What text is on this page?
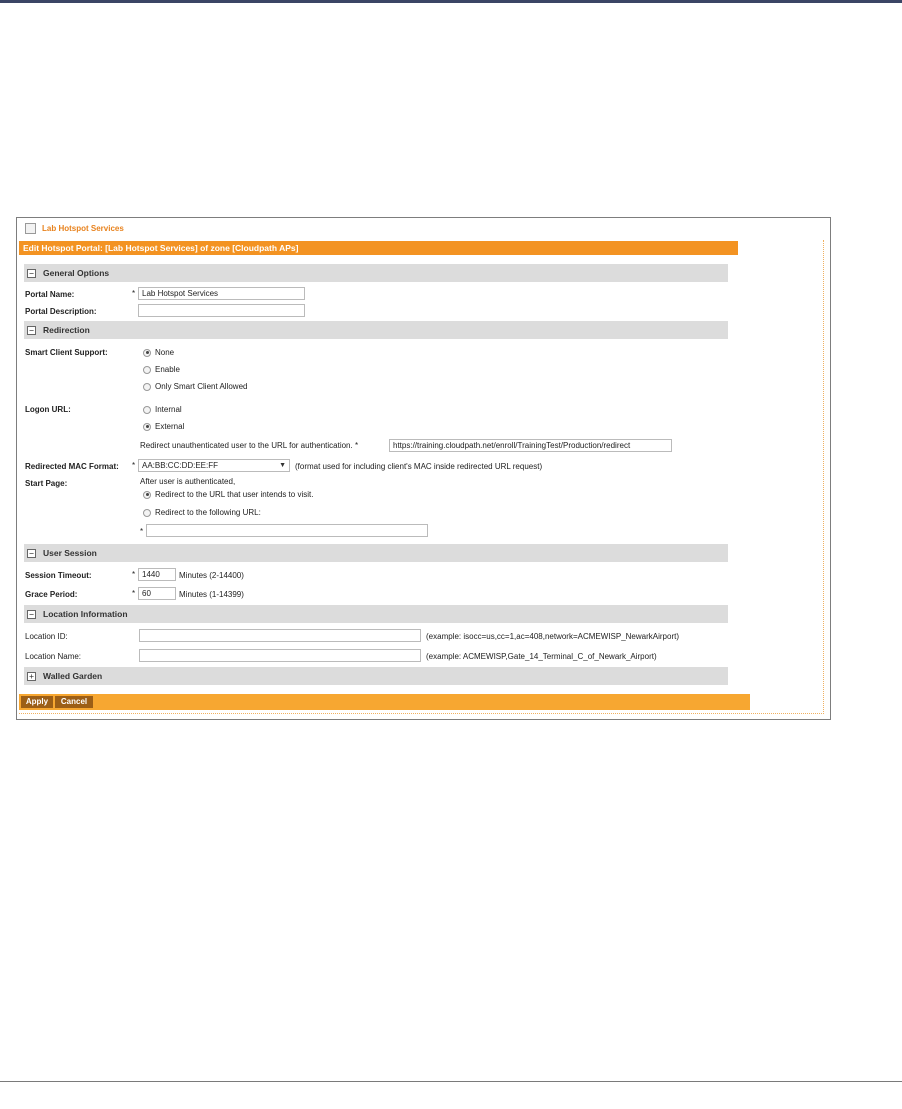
Lab Hotspot Services
Edit Hotspot Portal: [Lab Hotspot Services] of zone [Cloudpath APs]
− General Options
Portal Name:	* Lab Hotspot Services
Portal Description:
− Redirection
Smart Client Support:	None
Enable
Only Smart Client Allowed
Logon URL:	Internal
External
Redirect unauthenticated user to the URL for authentication. *	https://training.cloudpath.net/enroll/TrainingTest/Production/redirect
Redirected MAC Format: * AA:BB:CC:DD:EE:FF	▼ (format used for including client's MAC inside redirected URL request)
Start Page:	After user is authenticated,
Redirect to the URL that user intends to visit.
Redirect to the following URL:
*
− User Session
Session Timeout:	* 1440	Minutes (2-14400)
Grace Period:	* 60	Minutes (1-14399)
− Location Information
Location ID:	(example: isocc=us,cc=1,ac=408,network=ACMEWISP_NewarkAirport)
Location Name:	(example: ACMEWISP,Gate_14_Terminal_C_of_Newark_Airport)
+ Walled Garden
Apply	Cancel
